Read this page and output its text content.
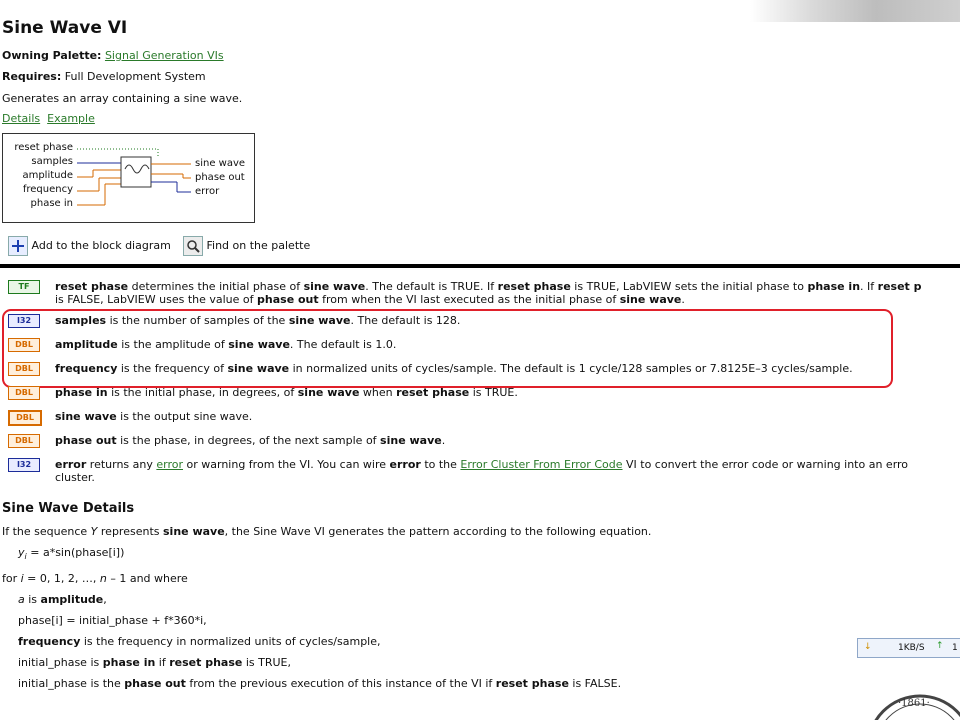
Sine Wave VI
Owning Palette: Signal Generation VIs
Requires: Full Development System
Generates an array containing a sine wave.
Details Example
reset phase
samples
amplitude
frequency
phase in
sine wave
phase out
error
Add to the block diagram	Find on the palette
TF	reset phase determines the initial phase of sine wave. The default is TRUE. If reset phase is TRUE, LabVIEW sets the initial phase to phase in. If reset p
is FALSE, LabVIEW uses the value of phase out from when the VI last executed as the initial phase of sine wave.
I32	samples is the number of samples of the sine wave. The default is 128.
DBL	amplitude is the amplitude of sine wave. The default is 1.0.
DBL	frequency is the frequency of sine wave in normalized units of cycles/sample. The default is 1 cycle/128 samples or 7.8125E–3 cycles/sample.
DBL	phase in is the initial phase, in degrees, of sine wave when reset phase is TRUE.
DBL	sine wave is the output sine wave.
DBL	phase out is the phase, in degrees, of the next sample of sine wave.
I32	error returns any error or warning from the VI. You can wire error to the Error Cluster From Error Code VI to convert the error code or warning into an erro
cluster.
Sine Wave Details
If the sequence Y represents sine wave, the Sine Wave VI generates the pattern according to the following equation.
$y_i$ = a*sin(phase[i])
for i = 0, 1, 2, …, n – 1 and where
a is amplitude,
phase[i] = initial_phase + f*360*i,
frequency is the frequency in normalized units of cycles/sample,
initial_phase is phase in if reset phase is TRUE,
initial_phase is the phase out from the previous execution of this instance of the VI if reset phase is FALSE.
↓	1KB/S ↑ 1
·1861·
